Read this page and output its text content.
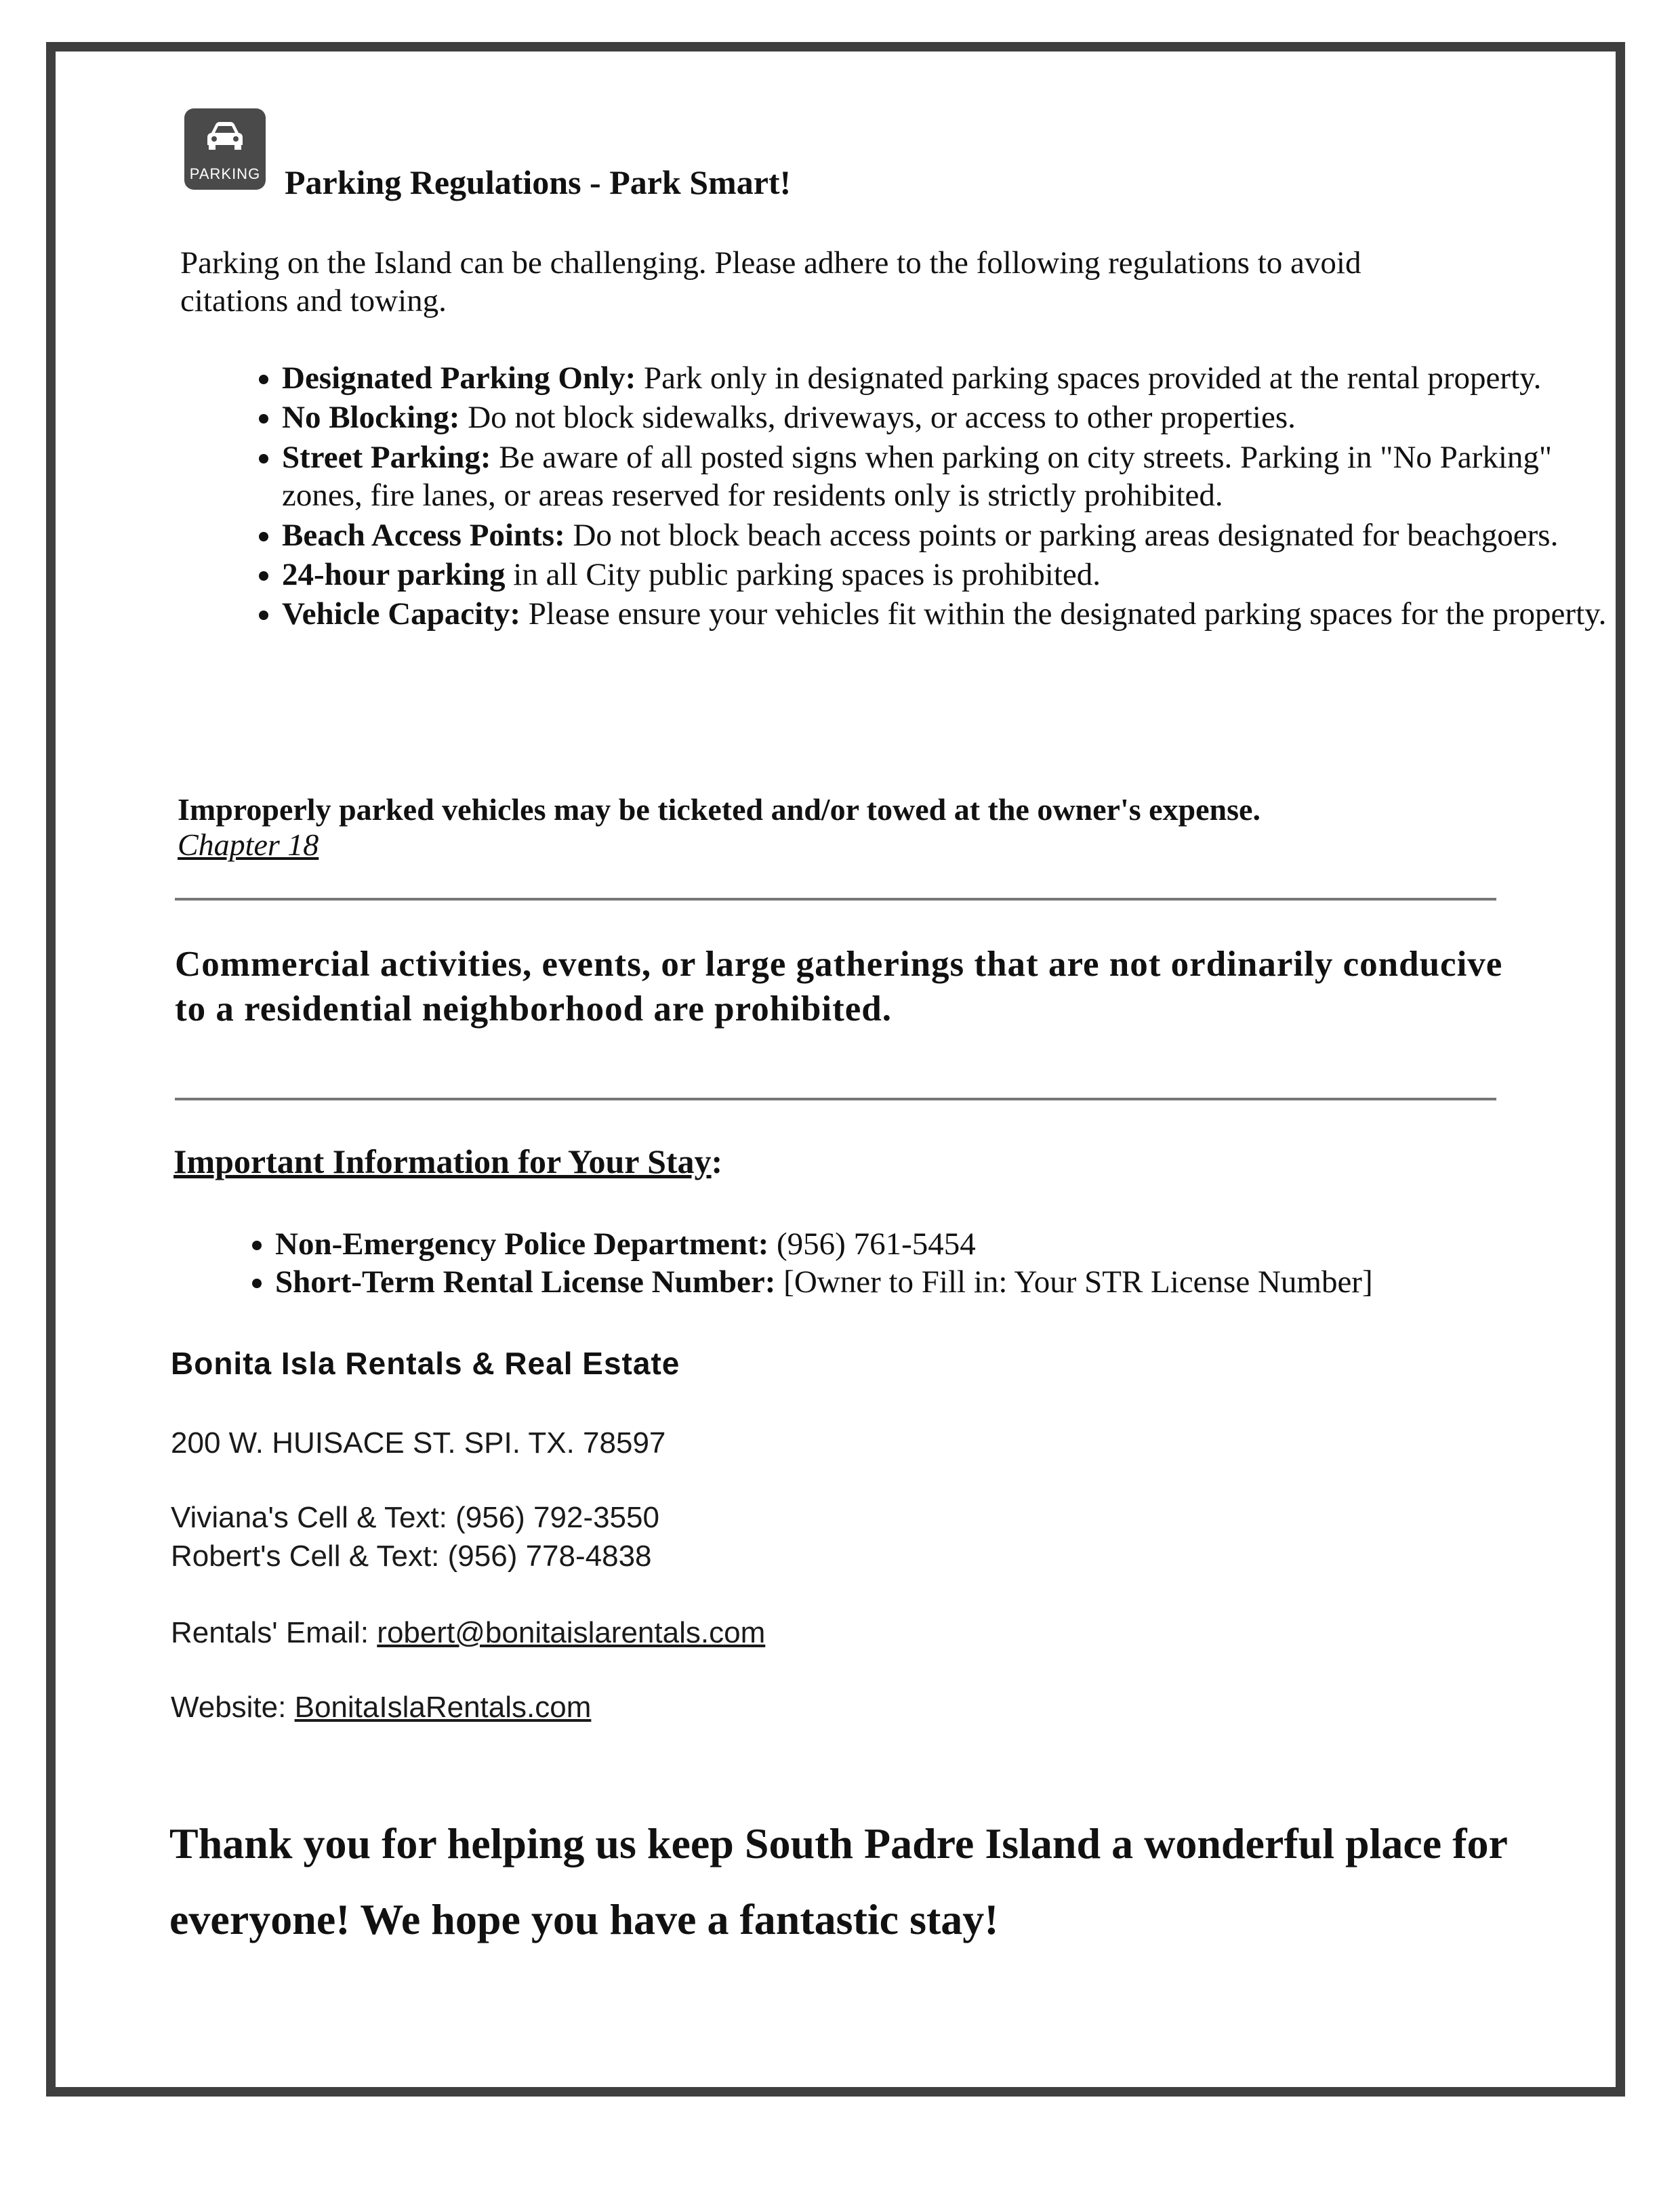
PARKING Parking Regulations - Park Smart!
Parking on the Island can be challenging. Please adhere to the following regulations to avoid citations and towing.
• Designated Parking Only: Park only in designated parking spaces provided at the rental property.
• No Blocking: Do not block sidewalks, driveways, or access to other properties.
• Street Parking: Be aware of all posted signs when parking on city streets. Parking in "No Parking" zones, fire lanes, or areas reserved for residents only is strictly prohibited.
• Beach Access Points: Do not block beach access points or parking areas designated for beachgoers.
• 24-hour parking in all City public parking spaces is prohibited.
• Vehicle Capacity: Please ensure your vehicles fit within the designated parking spaces for the property.
Improperly parked vehicles may be ticketed and/or towed at the owner's expense.
Chapter 18
Commercial activities, events, or large gatherings that are not ordinarily conducive to a residential neighborhood are prohibited.
Important Information for Your Stay:
• Non-Emergency Police Department: (956) 761-5454
• Short-Term Rental License Number: [Owner to Fill in: Your STR License Number]
Bonita Isla Rentals & Real Estate
200 W. HUISACE ST. SPI. TX. 78597
Viviana's Cell & Text: (956) 792-3550
Robert's Cell & Text: (956) 778-4838
Rentals' Email: robert@bonitaislarentals.com
Website: BonitaIslaRentals.com
Thank you for helping us keep South Padre Island a wonderful place for everyone! We hope you have a fantastic stay!
